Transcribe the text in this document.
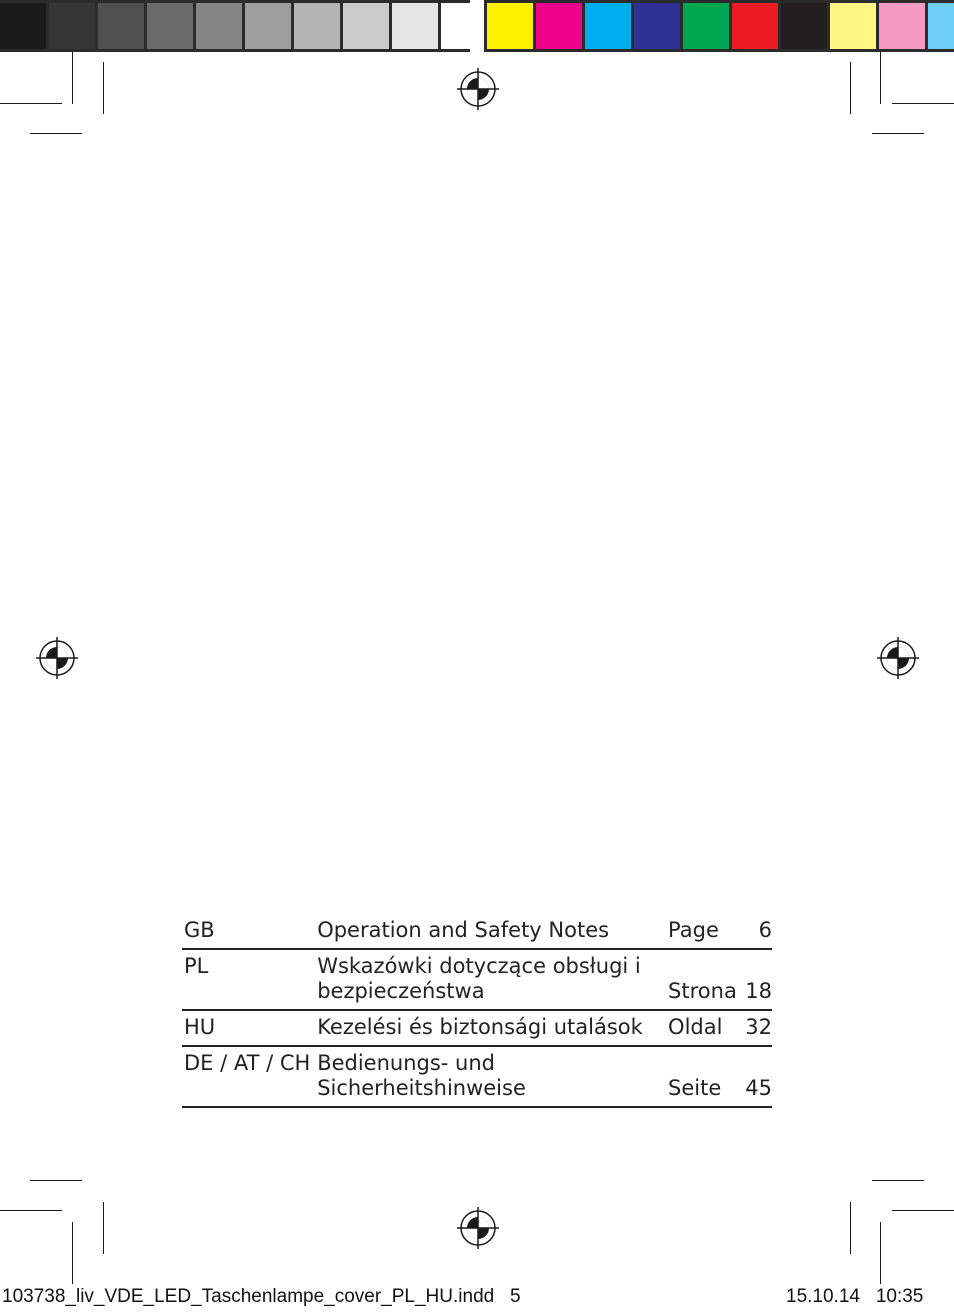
GB	Operation and Safety Notes	Page	6
PL	Wskazówki dotyczące obsługi i bezpieczeństwa	Strona	18
HU	Kezelési és biztonsági utalások	Oldal	32
DE / AT / CH	Bedienungs- und Sicherheitshinweise	Seite	45
103738_liv_VDE_LED_Taschenlampe_cover_PL_HU.indd 5	15.10.14 10:35
